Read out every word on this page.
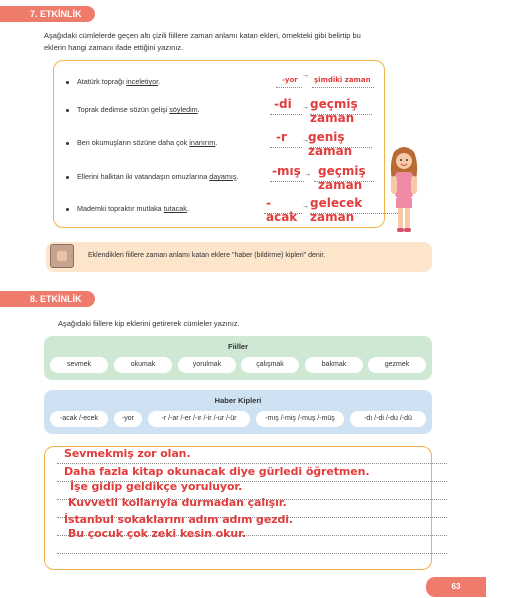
7. ETKİNLİK
Aşağıdaki cümlelerde geçen altı çizili fiillere zaman anlamı katan ekleri, örnekteki gibi belirtip bu
eklerin hangi zamanı ifade ettiğini yazınız.
Atatürk toprağı inceletiyor.	-yor
→
şimdiki zaman
Toprak dedimse sözün gelişi söyledim.	-di → geçmiş zaman
Ben okumuşların sözüne daha çok inanırım.	-r → geniş zaman
Ellerini halktan iki vatandaşın omuzlarına dayamış.	-mış → geçmiş zaman
Mademki topraktır mutlaka tutacak.	-acak
→ gelecek zaman
Eklendikleri fiillere zaman anlamı katan eklere "haber (bildirme) kipleri" denir.
8. ETKİNLİK
Aşağıdaki fiillere kip eklerini getirerek cümleler yazınız.
Fiiller
sevmek	okumak	yorulmak	çalışmak	bakmak	gezmek
Haber Kipleri
-acak /-ecek	-yor	-r /-ar /-er /-ır /-ir /-ur /-ür	-mış /-miş /-muş /-müş	-dı /-di /-du /-dü
Sevmekmiş zor olan.
Daha fazla kitap okunacak diye gürledi öğretmen.
İşe gidip geldikçe yoruluyor.
Kuvvetli kollarıyla durmadan çalışır.
İstanbul sokaklarını adım adım gezdi.
Bu çocuk çok zeki kesin okur.
63
